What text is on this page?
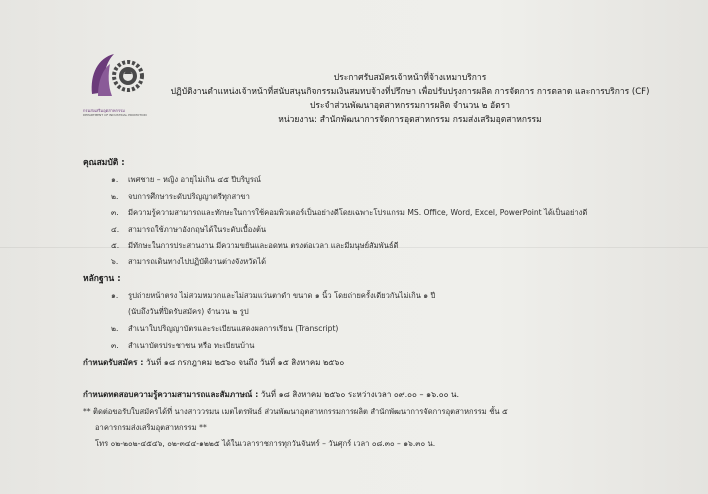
กรมส่งเสริมอุตสาหกรรม
DEPARTMENT OF INDUSTRIAL PROMOTION
ประกาศรับสมัครเจ้าหน้าที่จ้างเหมาบริการ
ปฏิบัติงานตำแหน่งเจ้าหน้าที่สนับสนุนกิจกรรมเงินสมทบจ้างที่ปรึกษา เพื่อปรับปรุงการผลิต การจัดการ การตลาด และการบริการ (CF)
ประจำส่วนพัฒนาอุตสาหกรรมการผลิต จำนวน ๒ อัตรา
หน่วยงาน: สำนักพัฒนาการจัดการอุตสาหกรรม กรมส่งเสริมอุตสาหกรรม
คุณสมบัติ :
๑. เพศชาย – หญิง อายุไม่เกิน ๔๕ ปีบริบูรณ์
๒. จบการศึกษาระดับปริญญาตรีทุกสาขา
๓. มีความรู้ความสามารถและทักษะในการใช้คอมพิวเตอร์เป็นอย่างดีโดยเฉพาะโปรแกรม MS. Office, Word, Excel, PowerPoint ได้เป็นอย่างดี
๔. สามารถใช้ภาษาอังกฤษได้ในระดับเบื้องต้น
๕. มีทักษะในการประสานงาน มีความขยันและอดทน ตรงต่อเวลา และมีมนุษย์สัมพันธ์ดี
๖. สามารถเดินทางไปปฏิบัติงานต่างจังหวัดได้
หลักฐาน :
๑. รูปถ่ายหน้าตรง ไม่สวมหมวกและไม่สวมแว่นตาดำ ขนาด ๑ นิ้ว โดยถ่ายครั้งเดียวกันไม่เกิน ๑ ปี
(นับถึงวันที่ปิดรับสมัคร) จำนวน ๒ รูป
๒. สำเนาใบปริญญาบัตรและระเบียนแสดงผลการเรียน (Transcript)
๓. สำเนาบัตรประชาชน หรือ ทะเบียนบ้าน
กำหนดรับสมัคร : วันที่ ๑๘ กรกฎาคม ๒๕๖๐ จนถึง วันที่ ๑๕ สิงหาคม ๒๕๖๐
กำหนดทดสอบความรู้ความสามารถและสัมภาษณ์ : วันที่ ๑๘ สิงหาคม ๒๕๖๐ ระหว่างเวลา ๐๙.๐๐ – ๑๖.๐๐ น.
** ติดต่อขอรับใบสมัครได้ที่ นางสาววรมน เมตไตรพันธ์ ส่วนพัฒนาอุตสาหกรรมการผลิต สำนักพัฒนาการจัดการอุตสาหกรรม ชั้น ๕
อาคารกรมส่งเสริมอุตสาหกรรม **
โทร ๐๒-๒๐๒-๔๕๔๖, ๐๒-๓๔๔-๑๒๒๕ ได้ในเวลาราชการทุกวันจันทร์ – วันศุกร์ เวลา ๐๘.๓๐ – ๑๖.๓๐ น.
